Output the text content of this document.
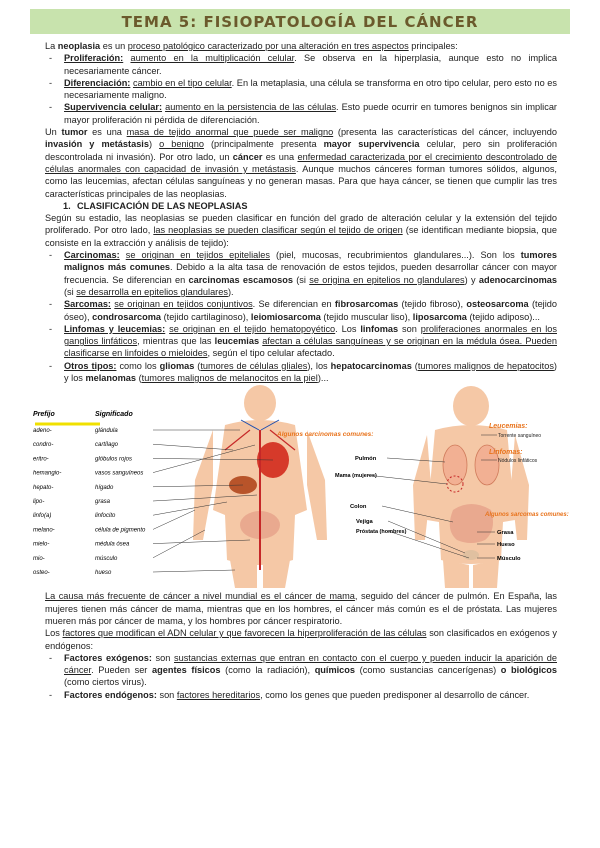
TEMA 5: FISIOPATOLOGÍA DEL CÁNCER

La neoplasia es un proceso patológico caracterizado por una alteración en tres aspectos principales:

- Proliferación: aumento en la multiplicación celular. Se observa en la hiperplasia, aunque esto no implica necesariamente cáncer.
- Diferenciación: cambio en el tipo celular. En la metaplasia, una célula se transforma en otro tipo celular, pero esto no es necesariamente maligno.
- Supervivencia celular: aumento en la persistencia de las células. Esto puede ocurrir en tumores benignos sin implicar mayor proliferación ni pérdida de diferenciación.

Un tumor es una masa de tejido anormal que puede ser maligno (presenta las características del cáncer, incluyendo invasión y metástasis) o benigno (principalmente presenta mayor supervivencia celular, pero sin proliferación descontrolada ni invasión). Por otro lado, un cáncer es una enfermedad caracterizada por el crecimiento descontrolado de células anormales con capacidad de invasión y metástasis. Aunque muchos cánceres forman tumores sólidos, algunos, como las leucemias, afectan células sanguíneas y no generan masas. Para que haya cáncer, se tienen que cumplir las tres características principales de las neoplasias.

1. CLASIFICACIÓN DE LAS NEOPLASIAS

Según su estadio, las neoplasias se pueden clasificar en función del grado de alteración celular y la extensión del tejido proliferado. Por otro lado, las neoplasias se pueden clasificar según el tejido de origen (se identifican mediante biopsia, que consiste en la extracción y análisis de tejido):

- Carcinomas: se originan en tejidos epiteliales (piel, mucosas, recubrimientos glandulares...). Son los tumores malignos más comunes. Debido a la alta tasa de renovación de estos tejidos, pueden desarrollar cáncer con mayor frecuencia. Se diferencian en carcinomas escamosos (si se origina en epitelios no glandulares) y adenocarcinomas (si se desarrolla en epitelios glandulares).
- Sarcomas: se originan en tejidos conjuntivos. Se diferencian en fibrosarcomas (tejido fibroso), osteosarcoma (tejido óseo), condrosarcoma (tejido cartilaginoso), leiomiosarcoma (tejido muscular liso), liposarcoma (tejido adiposo)...
- Linfomas y leucemias: se originan en el tejido hematopoyético. Los linfomas son proliferaciones anormales en los ganglios linfáticos, mientras que las leucemias afectan a células sanguíneas y se originan en la médula ósea. Pueden clasificarse en linfoides o mieloides, según el tipo celular afectado.
- Otros tipos: como los gliomas (tumores de células gliales), los hepatocarcinomas (tumores malignos de hepatocitos) y los melanomas (tumores malignos de melanocitos en la piel)...
Prefijo	Significado
adeno-	glándula
condro-	cartílago
eritro-	glóbulos rojos
hemangio-	vasos sanguíneos
hepato-	hígado
lipo-	grasa
linfo(a)	linfocito
melano-	célula de pigmento
mielo-	médula ósea
mio-	músculo
osteo-	hueso
Algunos carcinomas comunes:
Pulmón
Mama (mujeres)
Colon
Vejiga
Próstata (hombres)
Leucemias:
Torrente sanguíneo
Linfomas:
Nódulos linfáticos
Algunos sarcomas comunes:
Grasa
Hueso
Músculo

La causa más frecuente de cáncer a nivel mundial es el cáncer de mama, seguido del cáncer de pulmón. En España, las mujeres tienen más cáncer de mama, mientras que en los hombres, el cáncer más común es el de próstata. Las mujeres mueren más por cáncer de mama, y los hombres por cáncer respiratorio.

Los factores que modifican el ADN celular y que favorecen la hiperproliferación de las células son clasificados en exógenos y endógenos:

- Factores exógenos: son sustancias externas que entran en contacto con el cuerpo y pueden inducir la aparición de cáncer. Pueden ser agentes físicos (como la radiación), químicos (como sustancias cancerígenas) o biológicos (como ciertos virus).
- Factores endógenos: son factores hereditarios, como los genes que pueden predisponer al desarrollo de cáncer.
